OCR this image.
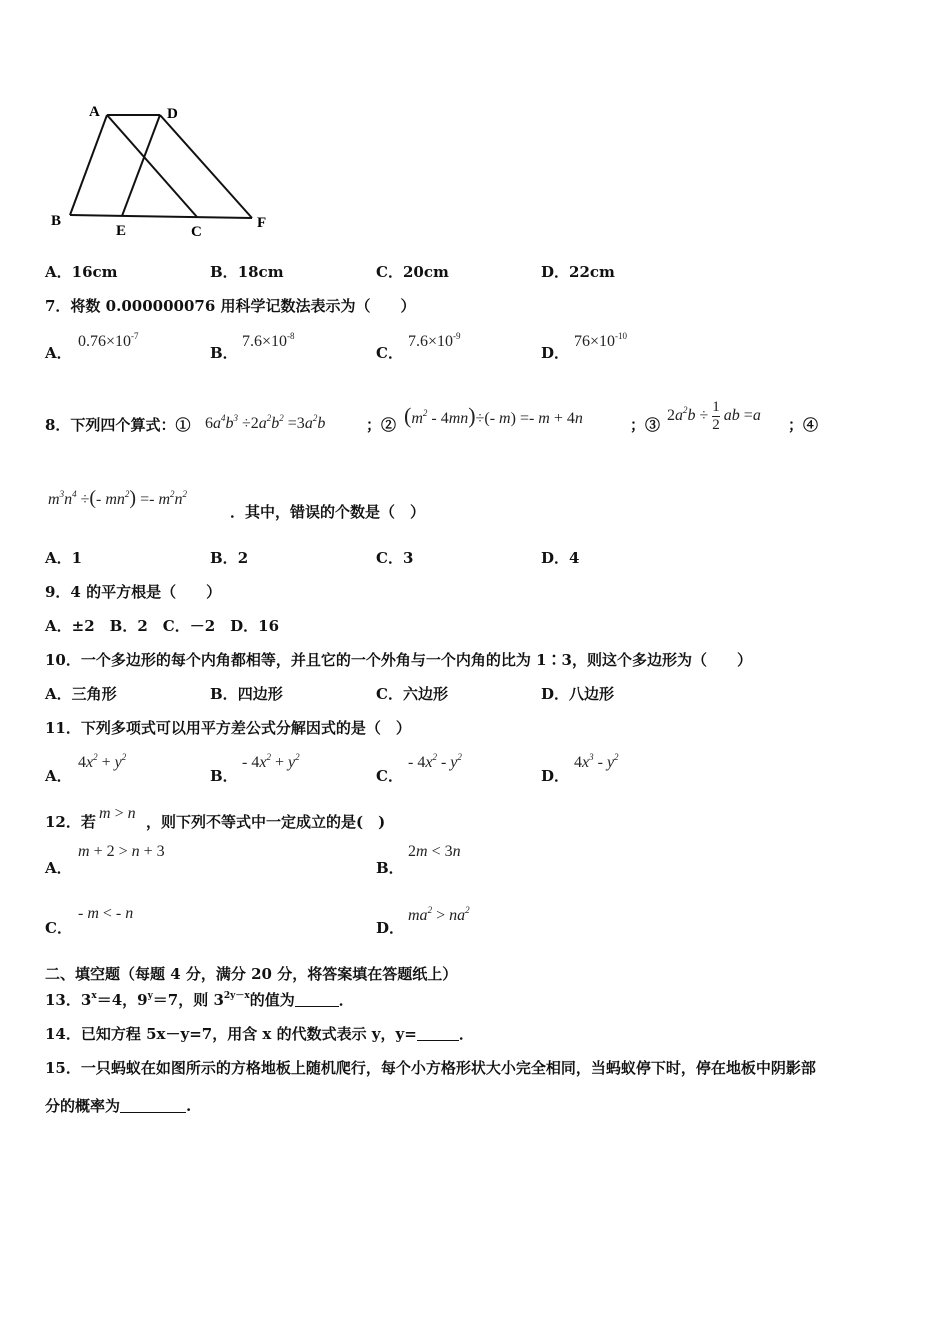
A	D
B
E	C
F
A．16cm	B．18cm	C．20cm	D．22cm
7．将数 0.000000076 用科学记数法表示为（　　）
A．
$0.76\times 10^{-7}$
B．
$7.6\times 10^{-8}$
C．
$7.6\times 10^{-9}$
D．
$76\times 10^{-10}$
8．下列四个算式：① $6a^4b^3 \div 2a^2b^2 =3a^2b$	；② $(m^2 - 4mn)\div(-$ m) =- m + 4n	；③
$2a^2b \div \frac{1}{2}$ ab =a
；④
$m^3n^4$ ÷(- $mn^2) =- m^2n^2$
．其中，错误的个数是（　）
A．1	B．2	C．3	D．4
9．4 的平方根是（　　）
A．±2　B．2　C．－2　D．16
10．一个多边形的每个内角都相等，并且它的一个外角与一个内角的比为 1∶3，则这个多边形为（　　）
A．三角形	B．四边形	C．六边形	D．八边形
11．下列多项式可以用平方差公式分解因式的是（　）
A．
$4x^2 + y^2$
B．
- $4x^2 + y^2$
C．
- $4x^2 - y^2$
D．
$4x^3 - y^2$
12．若 m > n ，则下列不等式中一定成立的是(　)
A．
m + 2 > n + 3
B．
2m < 3n
C．
- m < - n
D．
$ma^2 > na^2$
二、填空题（每题 4 分，满分 20 分，将答案填在答题纸上）
13．$3^x=4$，$9^y=7$，则 $3^{2y-x}$的值为	．
14．已知方程 5x－y=7，用含 x 的代数式表示 y，y=	．
15．一只蚂蚁在如图所示的方格地板上随机爬行，每个小方格形状大小完全相同，当蚂蚁停下时，停在地板中阴影部
分的概率为	.
